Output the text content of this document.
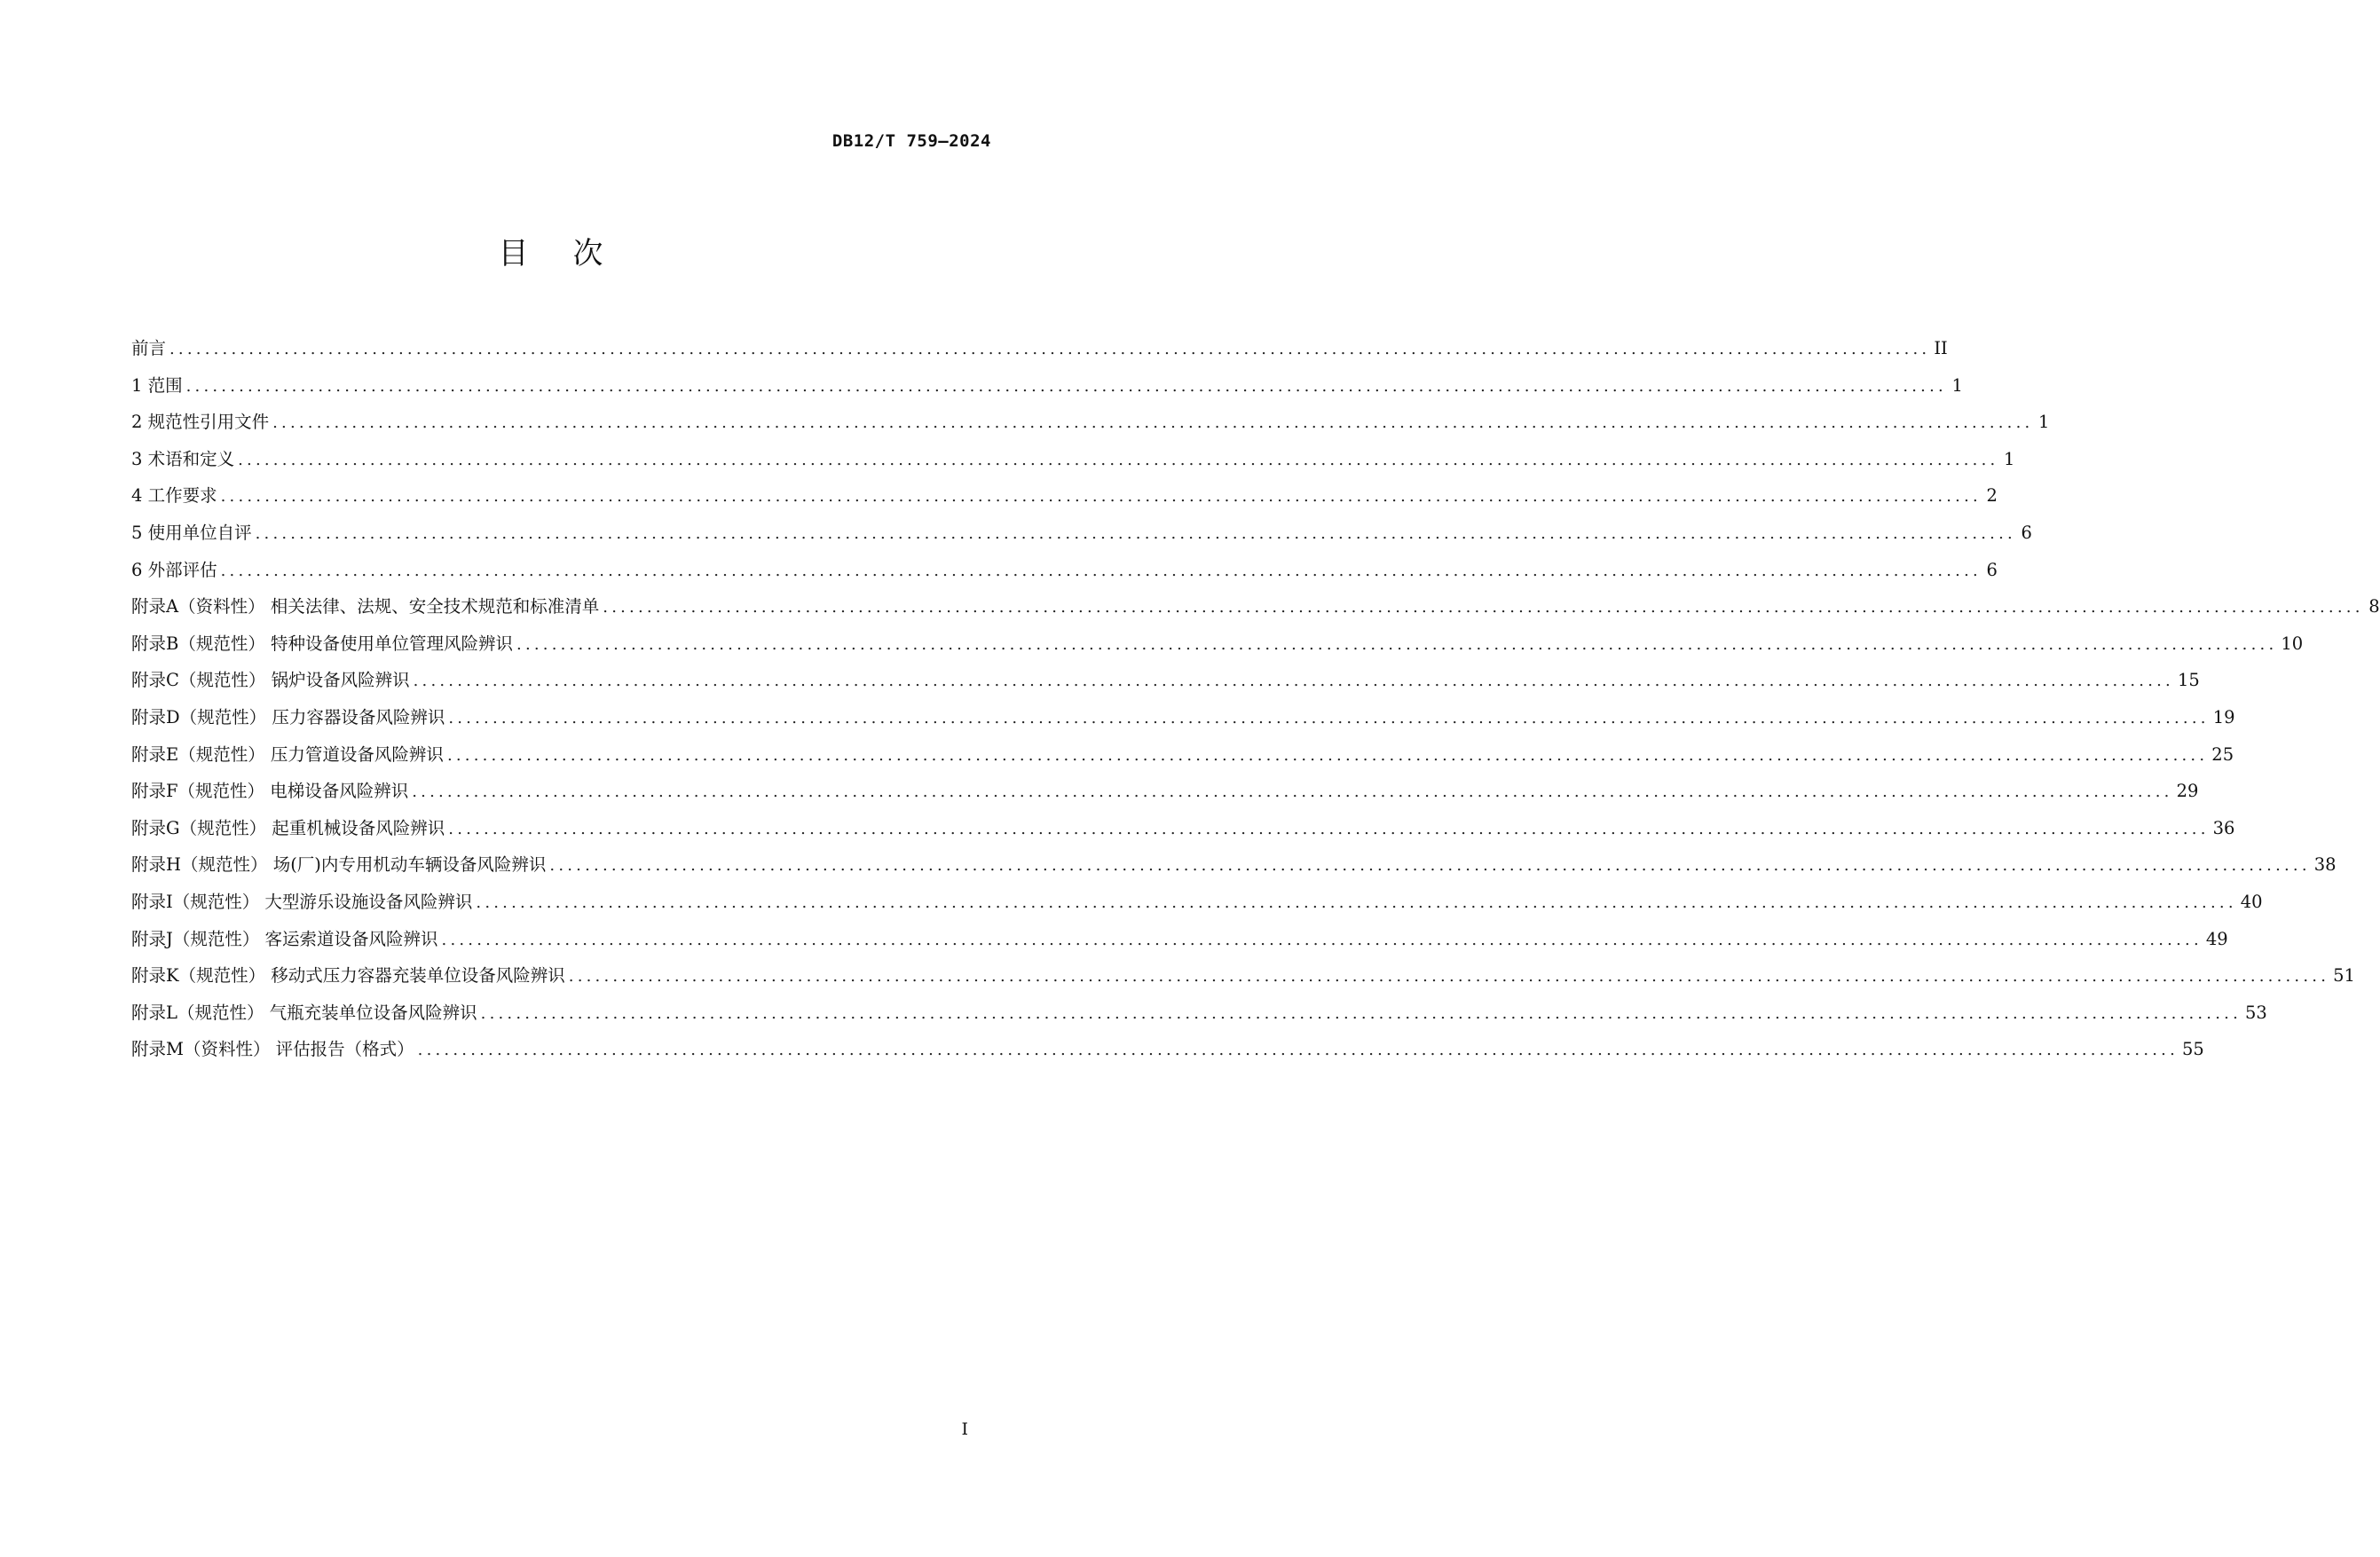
DB12/T 759—2024
目次
前言 ........................................................................................................................................................................................................ II
1 范围 ........................................................................................................................................................................................................ 1
2 规范性引用文件 ........................................................................................................................................................................................................ 1
3 术语和定义 ........................................................................................................................................................................................................ 1
4 工作要求 ........................................................................................................................................................................................................ 2
5 使用单位自评 ........................................................................................................................................................................................................ 6
6 外部评估 ........................................................................................................................................................................................................ 6
附录A（资料性） 相关法律、法规、安全技术规范和标准清单 ........................................................................................................................................................................................................ 8
附录B（规范性） 特种设备使用单位管理风险辨识 ........................................................................................................................................................................................................ 10
附录C（规范性） 锅炉设备风险辨识 ........................................................................................................................................................................................................ 15
附录D（规范性） 压力容器设备风险辨识 ........................................................................................................................................................................................................ 19
附录E（规范性） 压力管道设备风险辨识 ........................................................................................................................................................................................................ 25
附录F（规范性） 电梯设备风险辨识 ........................................................................................................................................................................................................ 29
附录G（规范性） 起重机械设备风险辨识 ........................................................................................................................................................................................................ 36
附录H（规范性） 场(厂)内专用机动车辆设备风险辨识 ........................................................................................................................................................................................................ 38
附录I（规范性） 大型游乐设施设备风险辨识 ........................................................................................................................................................................................................ 40
附录J（规范性） 客运索道设备风险辨识 ........................................................................................................................................................................................................ 49
附录K（规范性） 移动式压力容器充装单位设备风险辨识 ........................................................................................................................................................................................................ 51
附录L（规范性） 气瓶充装单位设备风险辨识 ........................................................................................................................................................................................................ 53
附录M（资料性） 评估报告（格式） ........................................................................................................................................................................................................ 55
I
